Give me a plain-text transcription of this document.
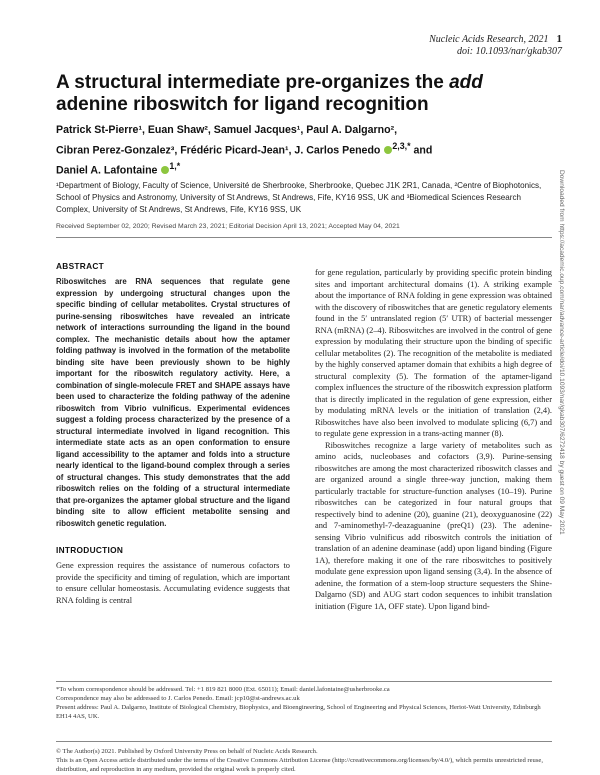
Nucleic Acids Research, 2021 1
doi: 10.1093/nar/gkab307
A structural intermediate pre-organizes the add adenine riboswitch for ligand recognition
Patrick St-Pierre¹, Euan Shaw², Samuel Jacques¹, Paul A. Dalgarno²,
Cibran Perez-Gonzalez³, Frédéric Picard-Jean¹, J. Carlos Penedo $^{2,3,*}$ and
Daniel A. Lafontaine $^{1,*}$
¹Department of Biology, Faculty of Science, Université de Sherbrooke, Sherbrooke, Quebec J1K 2R1, Canada, ²Centre of Biophotonics, School of Physics and Astronomy, University of St Andrews, St Andrews, Fife, KY16 9SS, UK and ³Biomedical Sciences Research Complex, University of St Andrews, St Andrews, Fife, KY16 9SS, UK
Received September 02, 2020; Revised March 23, 2021; Editorial Decision April 13, 2021; Accepted May 04, 2021	Downloaded from https://academic.oup.com/nar/advance-article/doi/10.1093/nar/gkab307/6272418 by guest on 09 May 2021
ABSTRACT

Riboswitches are RNA sequences that regulate gene expression by undergoing structural changes upon the specific binding of cellular metabolites. Crystal structures of purine-sensing riboswitches have revealed an intricate network of interactions surrounding the ligand in the bound complex. The mechanistic details about how the aptamer folding pathway is involved in the formation of the metabolite binding site have been previously shown to be highly important for the riboswitch regulatory activity. Here, a combination of single-molecule FRET and SHAPE assays have been used to characterize the folding pathway of the adenine riboswitch from Vibrio vulnificus. Experimental evidences suggest a folding process characterized by the presence of a structural intermediate involved in ligand recognition. This intermediate state acts as an open conformation to ensure ligand accessibility to the aptamer and folds into a structure nearly identical to the ligand-bound complex through a series of structural changes. This study demonstrates that the add riboswitch relies on the folding of a structural intermediate that pre-organizes the aptamer global structure and the ligand binding site to allow efficient metabolite sensing and riboswitch genetic regulation.

INTRODUCTION

Gene expression requires the assistance of numerous cofactors to provide the specificity and timing of regulation, which are important to ensure cellular homeostasis. Accumulating evidence suggests that RNA folding is central

for gene regulation, particularly by providing specific protein binding sites and important architectural domains (1). A striking example about the importance of RNA folding in gene expression was obtained with the discovery of riboswitches that are genetic regulatory elements found in the 5′ untranslated region (5′ UTR) of bacterial messenger RNA (mRNA) (2–4). Riboswitches are involved in the control of gene expression by modulating their structure upon the binding of specific cellular metabolites (2). The recognition of the metabolite is mediated by the highly conserved aptamer domain that exhibits a high degree of structural complexity (5). The formation of the aptamer-ligand complex influences the structure of the riboswitch expression platform that is directly implicated in the regulation of gene expression, either by modulating mRNA levels or the initiation of translation (2,4). Riboswitches have also been involved to modulate splicing (6,7) and to regulate gene expression in a trans-acting manner (8).

Riboswitches recognize a large variety of metabolites such as amino acids, nucleobases and cofactors (3,9). Purine-sensing riboswitches are among the most characterized riboswitch classes and are organized around a single three-way junction, making them particularly tractable for structure-function analyses (10–19). Purine riboswitches can be categorized in four natural groups that respectively bind to adenine (20), guanine (21), deoxyguanosine (22) and 7-aminomethyl-7-deazaguanine (preQ1) (23). The adenine-sensing Vibrio vulnificus add riboswitch controls the initiation of translation of an adenine deaminase (add) upon ligand binding (Figure 1A), therefore making it one of the rare riboswitches to positively modulate gene expression upon ligand sensing (3,4). In the absence of adenine, the formation of a stem-loop structure sequesters the Shine-Dalgarno (SD) and AUG start codon sequences to inhibit translation initiation (Figure 1A, OFF state). Upon ligand bind-

*To whom correspondence should be addressed. Tel: +1 819 821 8000 (Ext. 65011); Email: daniel.lafontaine@usherbrooke.ca
Correspondence may also be addressed to J. Carlos Penedo. Email: jcp10@st-andrews.ac.uk
Present address: Paul A. Dalgarno, Institute of Biological Chemistry, Biophysics, and Bioengineering, School of Engineering and Physical Sciences, Heriot-Watt University, Edinburgh EH14 4AS, UK.
© The Author(s) 2021. Published by Oxford University Press on behalf of Nucleic Acids Research.
This is an Open Access article distributed under the terms of the Creative Commons Attribution License (http://creativecommons.org/licenses/by/4.0/), which permits unrestricted reuse, distribution, and reproduction in any medium, provided the original work is properly cited.
